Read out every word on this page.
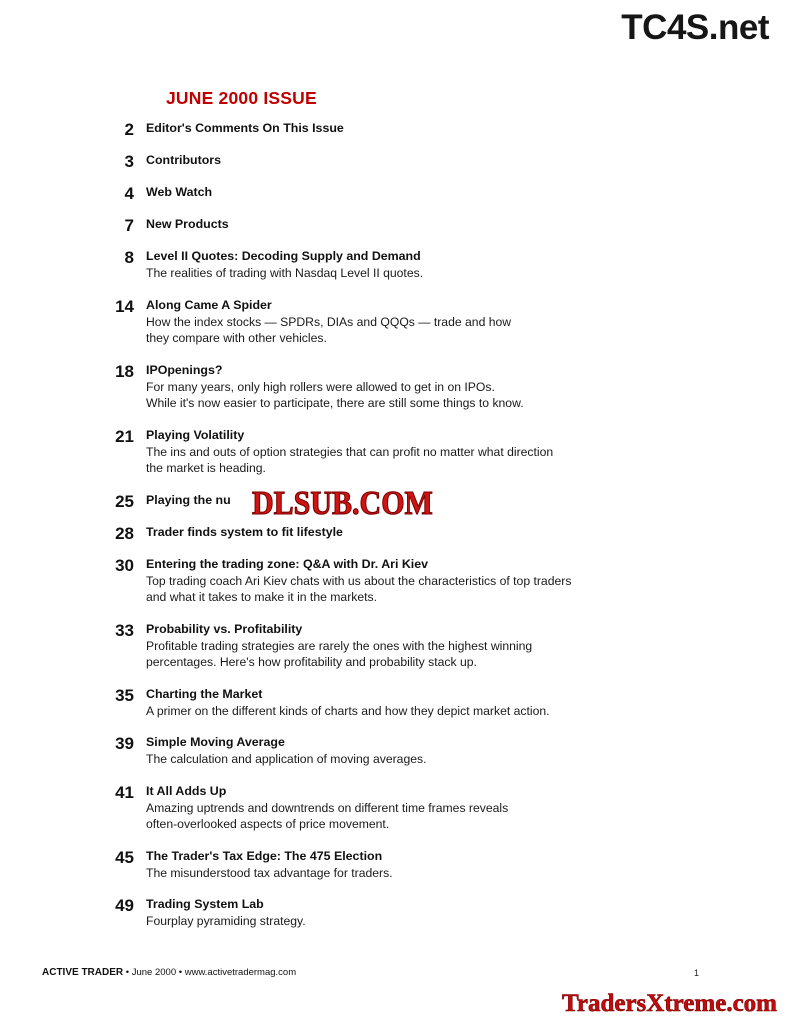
TC4S.net
JUNE 2000 ISSUE
2 Editor's Comments On This Issue
3 Contributors
4 Web Watch
7 New Products
8 Level II Quotes: Decoding Supply and Demand
The realities of trading with Nasdaq Level II quotes.
14 Along Came A Spider
How the index stocks — SPDRs, DIAs and QQQs — trade and how
they compare with other vehicles.
18 IPOpenings?
For many years, only high rollers were allowed to get in on IPOs.
While it's now easier to participate, there are still some things to know.
21 Playing Volatility
The ins and outs of option strategies that can profit no matter what direction
the market is heading.
25 Playing the nu
28 Trader finds system to fit lifestyle
30 Entering the trading zone: Q&A with Dr. Ari Kiev
Top trading coach Ari Kiev chats with us about the characteristics of top traders
and what it takes to make it in the markets.
33 Probability vs. Profitability
Profitable trading strategies are rarely the ones with the highest winning
percentages. Here's how profitability and probability stack up.
35 Charting the Market
A primer on the different kinds of charts and how they depict market action.
39 Simple Moving Average
The calculation and application of moving averages.
41 It All Adds Up
Amazing uptrends and downtrends on different time frames reveals
often-overlooked aspects of price movement.
45 The Trader's Tax Edge: The 475 Election
The misunderstood tax advantage for traders.
49 Trading System Lab
Fourplay pyramiding strategy.
DLSUB.COM
ACTIVE TRADER • June 2000 • www.activetradermag.com	1
TradersXtreme.com
